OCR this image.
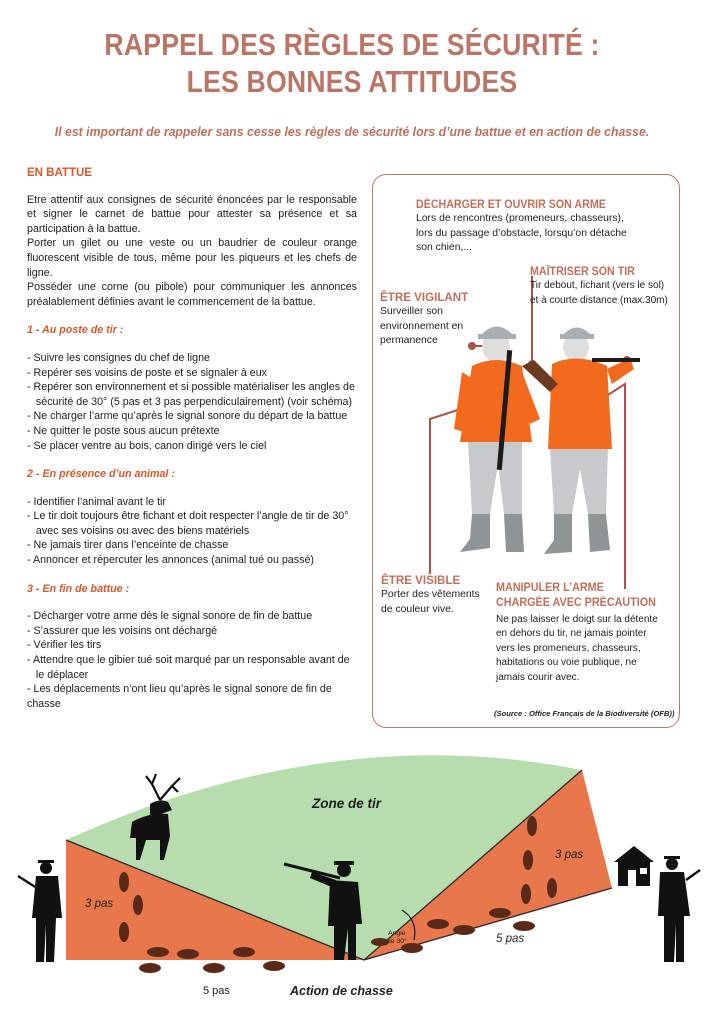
RAPPEL DES RÈGLES DE SÉCURITÉ :
LES BONNES ATTITUDES
Il est important de rappeler sans cesse les règles de sécurité lors d’une battue et en action de chasse.
EN BATTUE

Etre attentif aux consignes de sécurité énoncées par le responsable et signer le carnet de battue pour attester sa présence et sa participation à la battue.

Porter un gilet ou une veste ou un baudrier de couleur orange fluorescent visible de tous, même pour les piqueurs et les chefs de ligne.

Posséder une corne (ou pibole) pour communiquer les annonces préalablement définies avant le commencement de la battue.

1 - Au poste de tir :
- Suivre les consignes du chef de ligne
- Repérer ses voisins de poste et se signaler à eux
- Repérer son environnement et si possible matérialiser les angles de
sécurité de 30° (5 pas et 3 pas perpendiculairement) (voir schéma)
- Ne charger l’arme qu’après le signal sonore du départ de la battue
- Ne quitter le poste sous aucun prétexte
- Se placer ventre au bois, canon dirigé vers le ciel
2 - En présence d’un animal :
- Identifier l’animal avant le tir
- Le tir doit toujours être fichant et doit respecter l’angle de tir de 30°
avec ses voisins ou avec des biens matériels
- Ne jamais tirer dans l’enceinte de chasse
- Annoncer et répercuter les annonces (animal tué ou passé)
3 - En fin de battue :
- Décharger votre arme dès le signal sonore de fin de battue
- S’assurer que les voisins ont déchargé
- Vérifier les tirs
- Attendre que le gibier tué soit marqué par un responsable avant de
le déplacer
- Les déplacements n’ont lieu qu’après le signal sonore de fin de chasse
DÉCHARGER ET OUVRIR SON ARME
Lors de rencontres (promeneurs, chasseurs),
lors du passage d’obstacle, lorsqu’on détache
son chien,...
MAÎTRISER SON TIR
Tir debout, fichant (vers le sol)
et à courte distance (max.30m)
ÊTRE VIGILANT
Surveiller son
environnement en
permanence
ÊTRE VISIBLE
Porter des vêtements
de couleur vive.
MANIPULER L’ARME
CHARGÉE AVEC PRÉCAUTION
Ne pas laisser le doigt sur la détente
en dehors du tir, ne jamais pointer
vers les promeneurs, chasseurs,
habitations ou voie publique, ne
jamais courir avec.
(Source : Office Français de la Biodiversité (OFB))
Zone de tir
3 pas
5 pas
3 pas
5 pas
Angle
de 30°
Action de chasse
